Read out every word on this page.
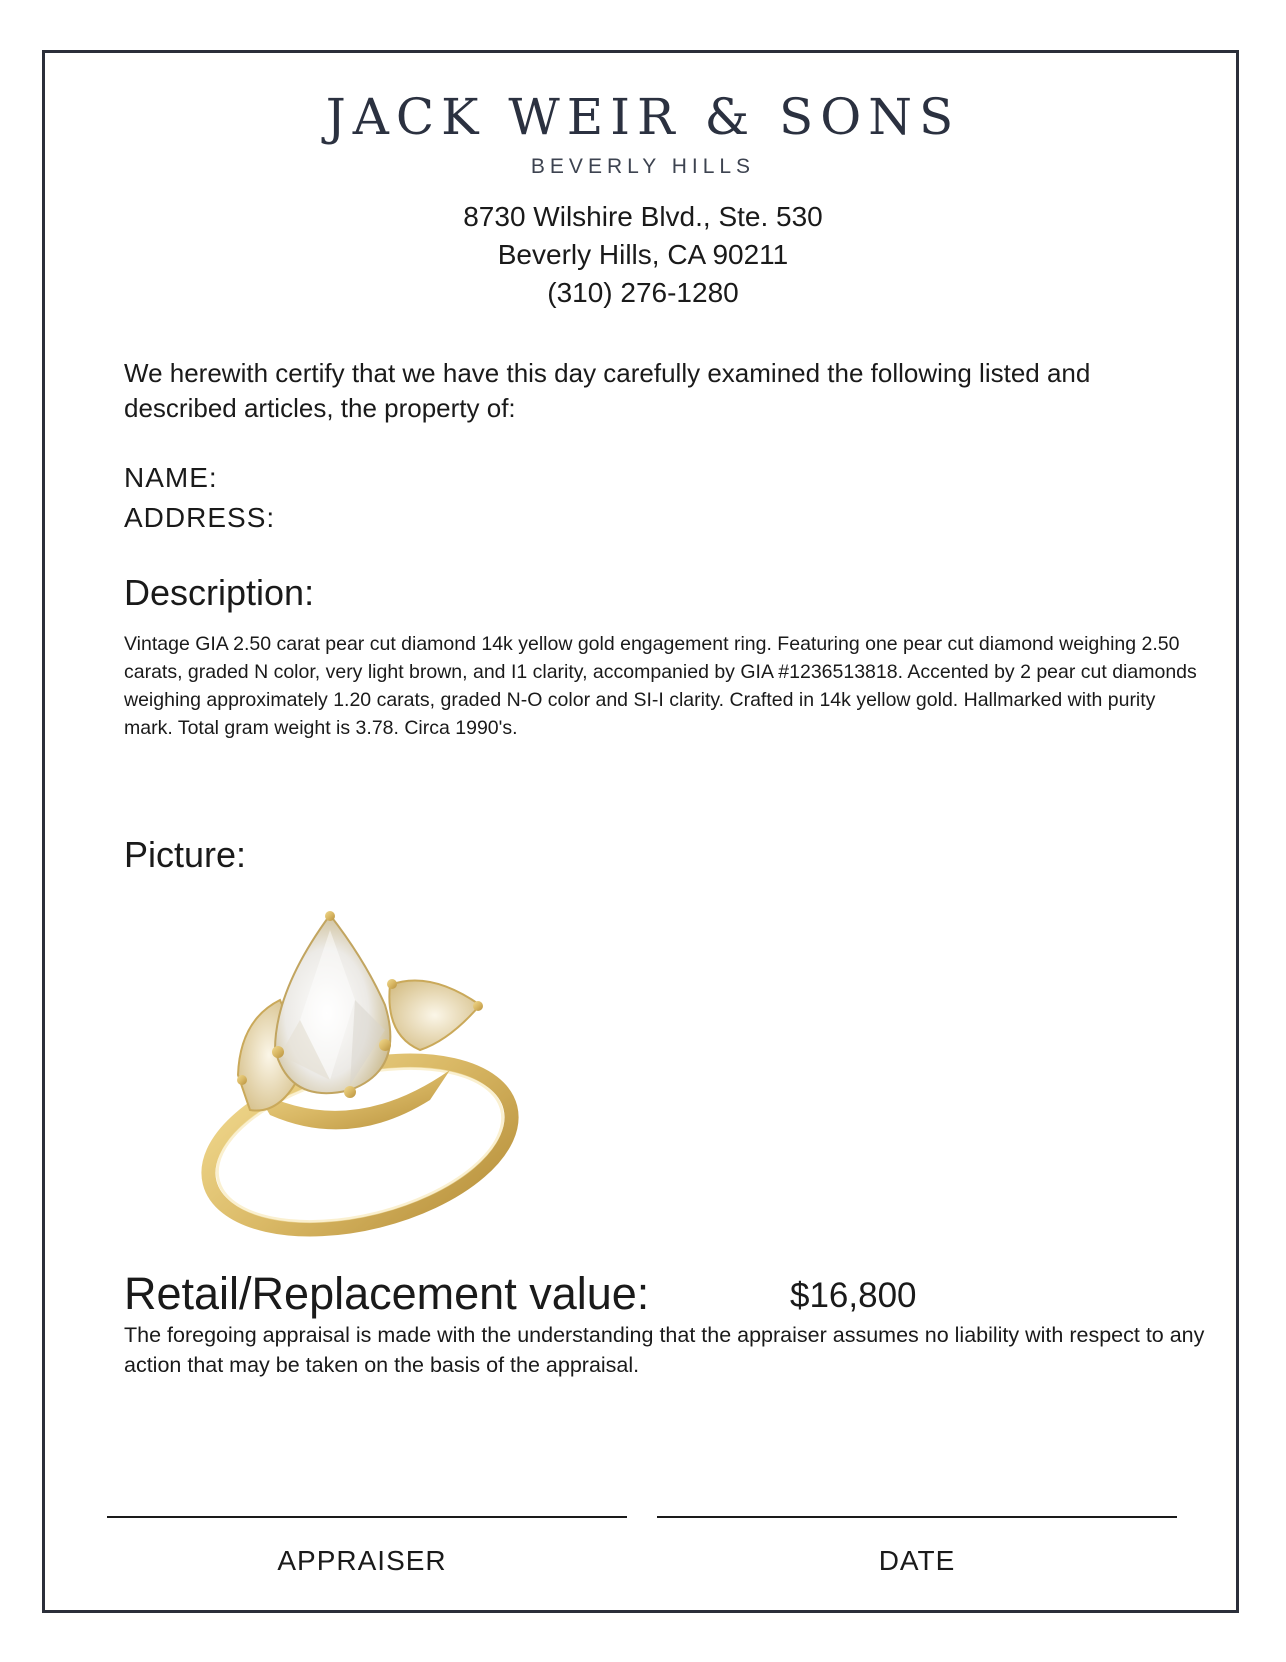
JACK WEIR & SONS
BEVERLY HILLS
8730 Wilshire Blvd., Ste. 530
Beverly Hills, CA 90211
(310) 276-1280
We herewith certify that we have this day carefully examined the following listed and described articles, the property of:
NAME:
ADDRESS:
Description:
Vintage GIA 2.50 carat pear cut diamond 14k yellow gold engagement ring. Featuring one pear cut diamond weighing 2.50 carats, graded N color, very light brown, and I1 clarity, accompanied by GIA #1236513818. Accented by 2 pear cut diamonds weighing approximately 1.20 carats, graded N-O color and SI-I clarity. Crafted in 14k yellow gold. Hallmarked with purity mark. Total gram weight is 3.78. Circa 1990's.
Picture:
Retail/Replacement value:	$16,800
The foregoing appraisal is made with the understanding that the appraiser assumes no liability with respect to any action that may be taken on the basis of the appraisal.
APPRAISER	DATE
